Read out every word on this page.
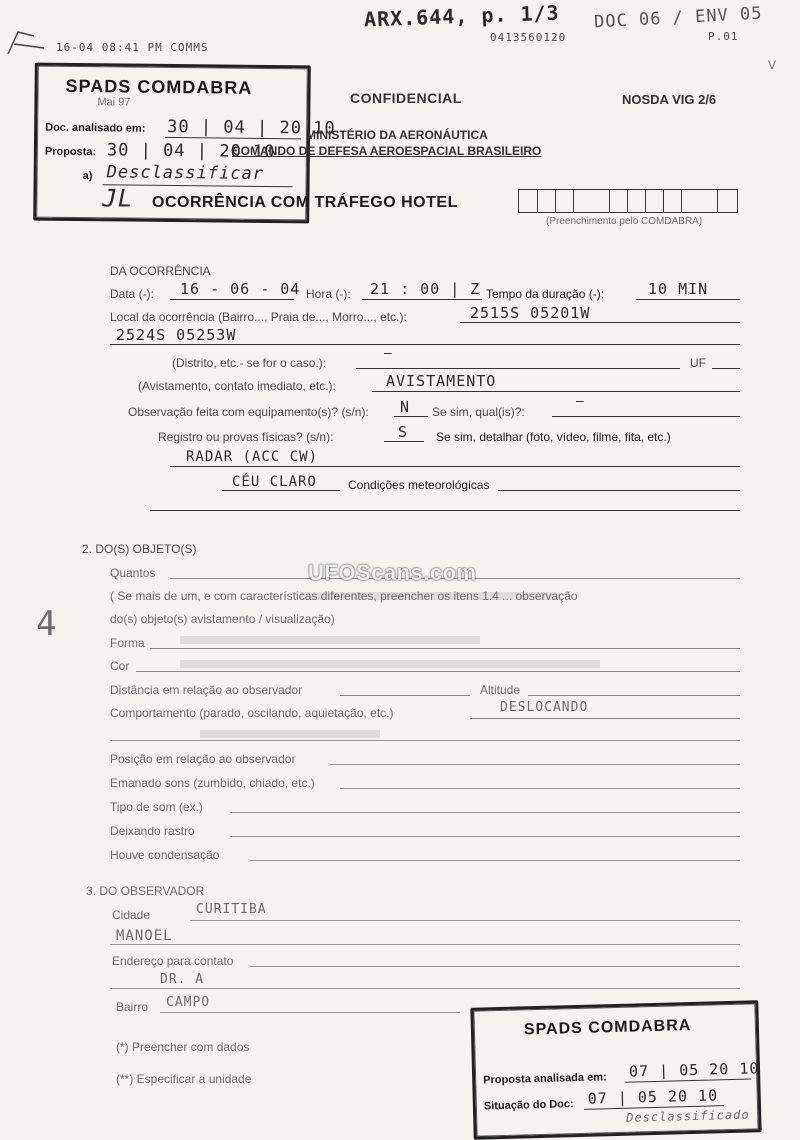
ARX.644, p. 1/3 DOC 06 / ENV 05
16-04 08:41 PM COMMS
0413560120	P.01
V
SPADS COMDABRA
Mai 97
Doc. analisado em: 30 | 04 | 20 10
Proposta: 30 | 04 | 20 10
a) Desclassificar
JL
CONFIDENCIAL	NOSDA VIG 2/6
MINISTÉRIO DA AERONÁUTICA
COMANDO DE DEFESA AEROESPACIAL BRASILEIRO
OCORRÊNCIA COM TRÁFEGO HOTEL
(Preenchimento pelo COMDABRA)
DA OCORRÊNCIA
Data (-): 16 - 06 - 04 Hora (-): 21 : 00 | Z Tempo da duração (-):	10 MIN
Local da ocorrência (Bairro..., Praia de..., Morro..., etc.):	2515S 05201W
2524S 05253W
(Distrito, etc.- se for o caso.):
—
UF
(Avistamento, contato imediato, etc.):	AVISTAMENTO
Observação feita com equipamento(s)? (s/n): N Se sim, qual(is)?:
—
Registro ou provas físicas? (s/n):	S Se sim, detalhar (foto, vídeo, filme, fita, etc.)
RADAR (ACC CW)
CÉU CLARO	Condições meteorológicas
2. DO(S) OBJETO(S)
4
Quantos
( Se mais de um, e com características diferentes, preencher os itens 1.4 ... observação
do(s) objeto(s) avistamento / visualização)
Forma
Cor
Distância em relação ao observador	Altitude
Comportamento (parado, oscilando, aquietação, etc.)	DESLOCANDO
Posição em relação ao observador
Emanado sons (zumbido, chiado, etc.)
Tipo de som (ex.)
Deixando rastro
Houve condensação
UFOScans.com
3. DO OBSERVADOR
Cidade	CURITIBA
MANOEL
Endereço para contato
DR. A
Bairro CAMPO
(*) Preencher com dados
(**) Especificar a unidade
SPADS COMDABRA
Proposta analisada em: 07 | 05 20 10
Situação do Doc: 07 | 05 20 10
Desclassificado
